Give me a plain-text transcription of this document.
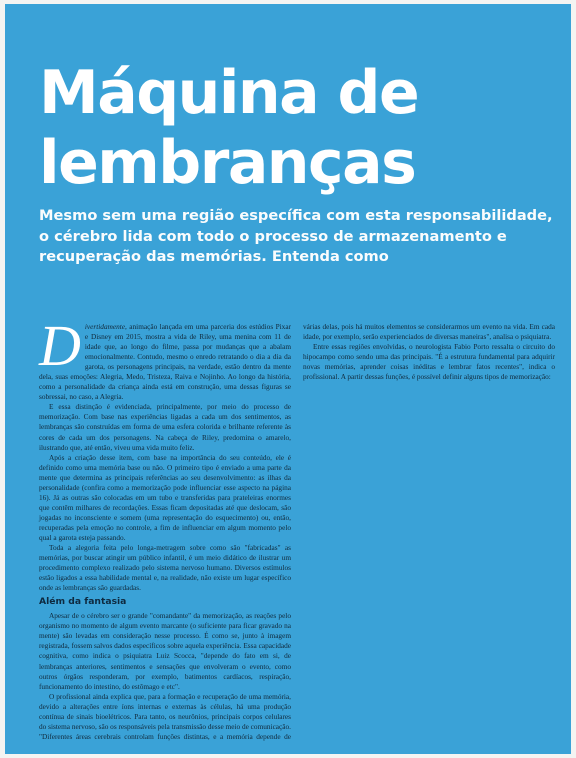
Máquina de
lembranças
Mesmo sem uma região específica com esta responsabilidade,
o cérebro lida com todo o processo de armazenamento e
recuperação das memórias. Entenda como

Divertidamente, animação lançada em uma parceria dos estúdios Pixar e Disney em 2015, mostra a vida de Riley, uma menina com 11 de idade que, ao longo do filme, passa por mudanças que a abalam emocionalmente. Contudo, mesmo o enredo retratando o dia a dia da garota, os personagens principais, na verdade, estão dentro da mente dela, suas emoções: Alegria, Medo, Tristeza, Raiva e Nojinho. Ao longo da história, como a personalidade da criança ainda está em construção, uma dessas figuras se sobressai, no caso, a Alegria.

E essa distinção é evidenciada, principalmente, por meio do processo de memorização. Com base nas experiências ligadas a cada um dos sentimentos, as lembranças são construídas em forma de uma esfera colorida e brilhante referente às cores de cada um dos personagens. Na cabeça de Riley, predomina o amarelo, ilustrando que, até então, viveu uma vida muito feliz.

Após a criação desse item, com base na importância do seu conteúdo, ele é definido como uma memória base ou não. O primeiro tipo é enviado a uma parte da mente que determina as principais referências ao seu desenvolvimento: as ilhas da personalidade (confira como a memorização pode influenciar esse aspecto na página 16). Já as outras são colocadas em um tubo e transferidas para prateleiras enormes que contêm milhares de recordações. Essas ficam depositadas até que deslocam, são jogadas no inconsciente e somem (uma representação do esquecimento) ou, então, recuperadas pela emoção no controle, a fim de influenciar em algum momento pelo qual a garota esteja passando.

Toda a alegoria feita pelo longa-metragem sobre como são "fabricadas" as memórias, por buscar atingir um público infantil, é um meio didático de ilustrar um procedimento complexo realizado pelo sistema nervoso humano. Diversos estímulos estão ligados a essa habilidade mental e, na realidade, não existe um lugar específico onde as lembranças são guardadas.

Além da fantasia

Apesar de o cérebro ser o grande "comandante" da memorização, as reações pelo organismo no momento de algum evento marcante (o suficiente para ficar gravado na mente) são levadas em consideração nesse processo. É como se, junto à imagem registrada, fossem salvos dados específicos sobre aquela experiência. Essa capacidade cognitiva, como indica o psiquiatra Luiz Scocca, "depende do fato em si, de lembranças anteriores, sentimentos e sensações que envolveram o evento, como outros órgãos responderam, por exemplo, batimentos cardíacos, respiração, funcionamento do intestino, do estômago e etc".

O profissional ainda explica que, para a formação e recuperação de uma memória, devido a alterações entre íons internas e externas às células, há uma produção contínua de sinais bioelétricos. Para tanto, os neurônios, principais corpos celulares do sistema nervoso, são os responsáveis pela transmissão desse meio de comunicação. "Diferentes áreas cerebrais controlam funções distintas, e a memória depende de várias delas, pois há muitos elementos se considerarmos um evento na vida. Em cada idade, por exemplo, serão experienciados de diversas maneiras", analisa o psiquiatra.

Entre essas regiões envolvidas, o neurologista Fabio Porto ressalta o circuito do hipocampo como sendo uma das principais. "É a estrutura fundamental para adquirir novas memórias, aprender coisas inéditas e lembrar fatos recentes", indica o profissional. A partir dessas funções, é possível definir alguns tipos de memorização:
